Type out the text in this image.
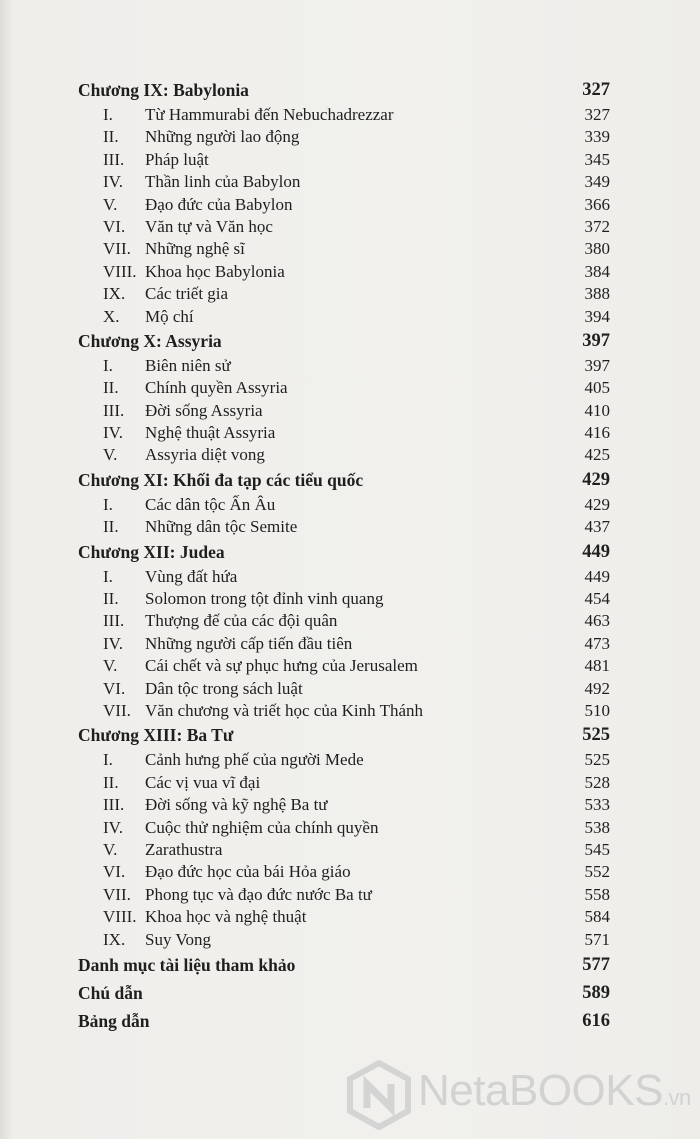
Chương IX: Babylonia	327
I. Từ Hammurabi đến Nebuchadrezzar	327
II. Những người lao động	339
III. Pháp luật	345
IV. Thần linh của Babylon	349
V. Đạo đức của Babylon	366
VI. Văn tự và Văn học	372
VII. Những nghệ sĩ	380
VIII. Khoa học Babylonia	384
IX. Các triết gia	388
X. Mộ chí	394
Chương X: Assyria	397
I. Biên niên sử	397
II. Chính quyền Assyria	405
III. Đời sống Assyria	410
IV. Nghệ thuật Assyria	416
V. Assyria diệt vong	425
Chương XI: Khối đa tạp các tiểu quốc	429
I. Các dân tộc Ấn Âu	429
II. Những dân tộc Semite	437
Chương XII: Judea	449
I. Vùng đất hứa	449
II. Solomon trong tột đỉnh vinh quang	454
III. Thượng đế của các đội quân	463
IV. Những người cấp tiến đầu tiên	473
V. Cái chết và sự phục hưng của Jerusalem	481
VI. Dân tộc trong sách luật	492
VII. Văn chương và triết học của Kinh Thánh	510
Chương XIII: Ba Tư	525
I. Cảnh hưng phế của người Mede	525
II. Các vị vua vĩ đại	528
III. Đời sống và kỹ nghệ Ba tư	533
IV. Cuộc thử nghiệm của chính quyền	538
V. Zarathustra	545
VI. Đạo đức học của bái Hỏa giáo	552
VII. Phong tục và đạo đức nước Ba tư	558
VIII. Khoa học và nghệ thuật	584
IX. Suy Vong	571
Danh mục tài liệu tham khảo	577
Chú dẫn	589
Bảng dẫn	616
NetaBOOKS.vn
